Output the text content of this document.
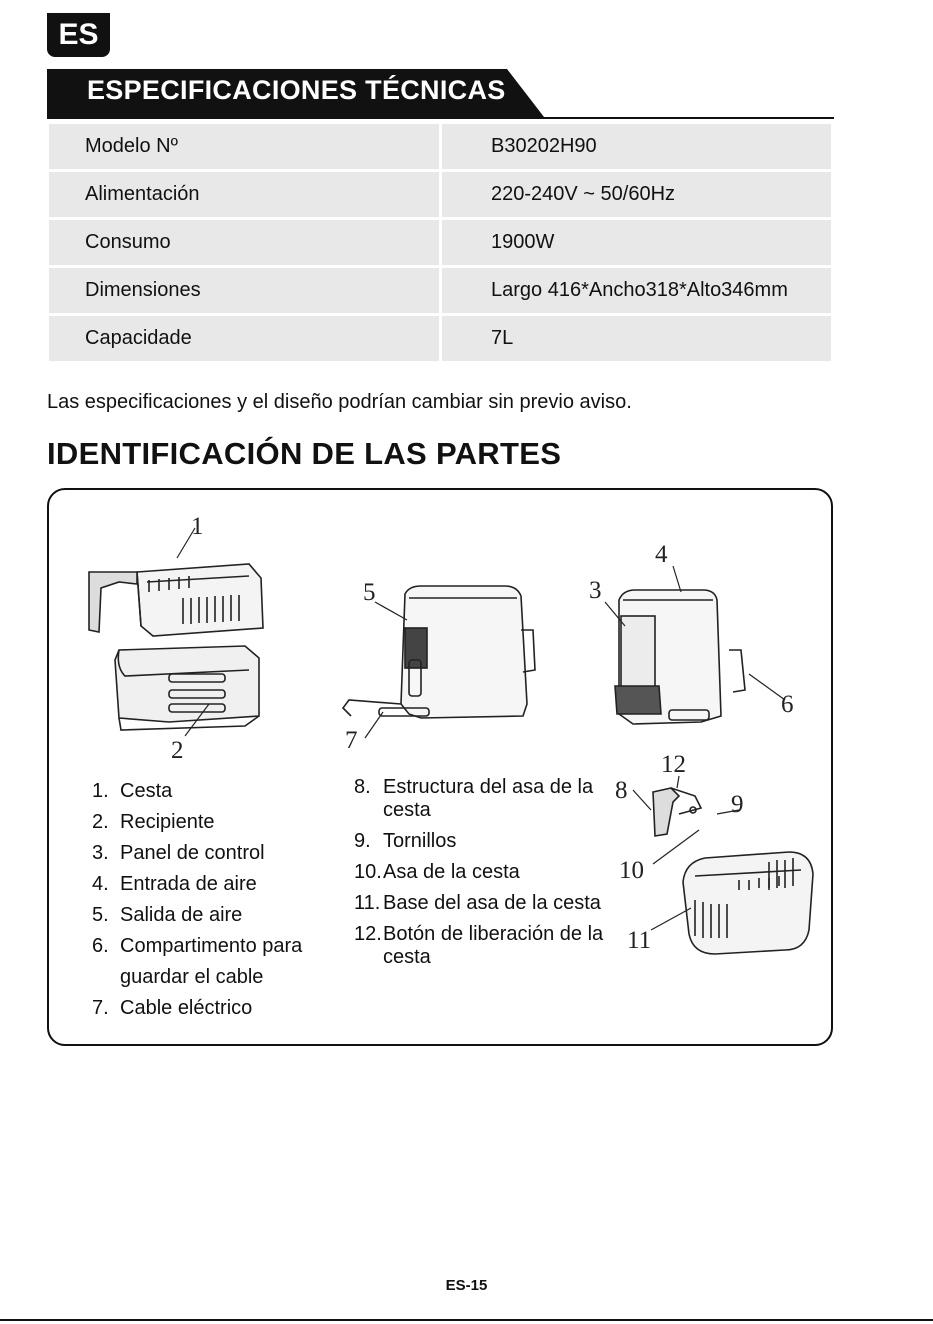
ES
ESPECIFICACIONES TÉCNICAS
Modelo Nº	B30202H90
Alimentación	220-240V ~ 50/60Hz
Consumo	1900W
Dimensiones	Largo 416*Ancho318*Alto346mm
Capacidade	7L
Las especificaciones y el diseño podrían cambiar sin previo aviso.
IDENTIFICACIÓN DE LAS PARTES
1
2
3
4
5
6
7
8
9
10
11
12
1. Cesta
2. Recipiente
3. Panel de control
4. Entrada de aire
5. Salida de aire
6. Compartimento para guardar el cable
7. Cable eléctrico
8. Estructura del asa de la cesta
9. Tornillos
10. Asa de la cesta
11. Base del asa de la cesta
12. Botón de liberación de la cesta
ES-15
